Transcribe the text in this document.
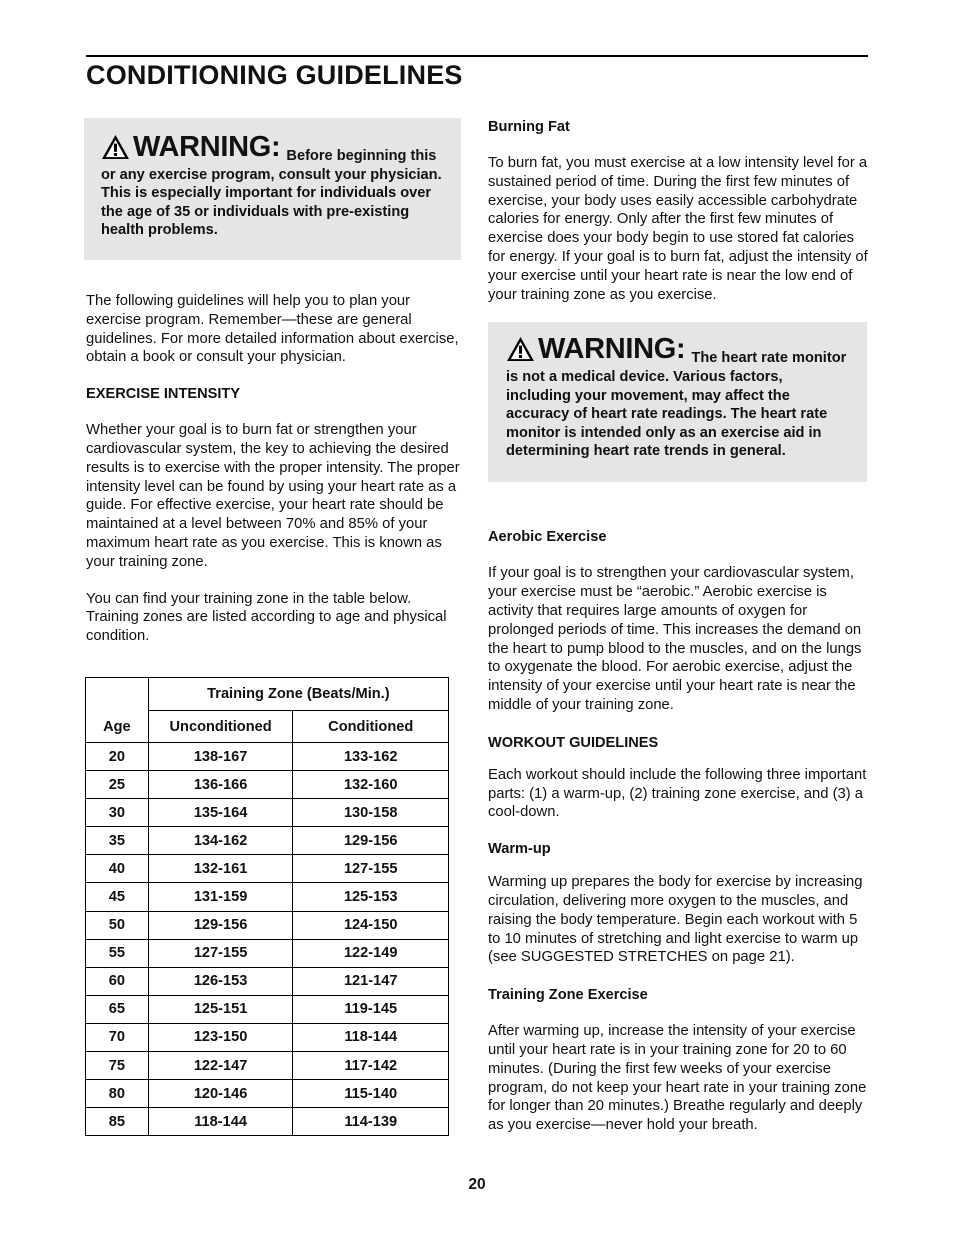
CONDITIONING GUIDELINES
WARNING: Before beginning this or any exercise program, consult your physician. This is especially important for individuals over the age of 35 or individuals with pre-existing health problems.

The following guidelines will help you to plan your exercise program. Remember—these are general guidelines. For more detailed information about exercise, obtain a book or consult your physician.

EXERCISE INTENSITY

Whether your goal is to burn fat or strengthen your cardiovascular system, the key to achieving the desired results is to exercise with the proper intensity. The proper intensity level can be found by using your heart rate as a guide. For effective exercise, your heart rate should be maintained at a level between 70% and 85% of your maximum heart rate as you exercise. This is known as your training zone.

You can find your training zone in the table below. Training zones are listed according to age and physical condition.

Age	Training Zone (Beats/Min.)	
	Unconditioned	Conditioned
20	138-167	133-162
25	136-166	132-160
30	135-164	130-158
35	134-162	129-156
40	132-161	127-155
45	131-159	125-153
50	129-156	124-150
55	127-155	122-149
60	126-153	121-147
65	125-151	119-145
70	123-150	118-144
75	122-147	117-142
80	120-146	115-140
85	118-144	114-139
Burning Fat

To burn fat, you must exercise at a low intensity level for a sustained period of time. During the first few minutes of exercise, your body uses easily accessible carbohydrate calories for energy. Only after the first few minutes of exercise does your body begin to use stored fat calories for energy. If your goal is to burn fat, adjust the intensity of your exercise until your heart rate is near the low end of your training zone as you exercise.

WARNING: The heart rate monitor is not a medical device. Various factors, including your movement, may affect the accuracy of heart rate readings. The heart rate monitor is intended only as an exercise aid in determining heart rate trends in general.
Aerobic Exercise

If your goal is to strengthen your cardiovascular system, your exercise must be “aerobic.” Aerobic exercise is activity that requires large amounts of oxygen for prolonged periods of time. This increases the demand on the heart to pump blood to the muscles, and on the lungs to oxygenate the blood. For aerobic exercise, adjust the intensity of your exercise until your heart rate is near the middle of your training zone.

WORKOUT GUIDELINES

Each workout should include the following three important parts: (1) a warm-up, (2) training zone exercise, and (3) a cool-down.

Warm-up

Warming up prepares the body for exercise by increasing circulation, delivering more oxygen to the muscles, and raising the body temperature. Begin each workout with 5 to 10 minutes of stretching and light exercise to warm up (see SUGGESTED STRETCHES on page 21).

Training Zone Exercise

After warming up, increase the intensity of your exercise until your heart rate is in your training zone for 20 to 60 minutes. (During the first few weeks of your exercise program, do not keep your heart rate in your training zone for longer than 20 minutes.) Breathe regularly and deeply as you exercise—never hold your breath.

20
